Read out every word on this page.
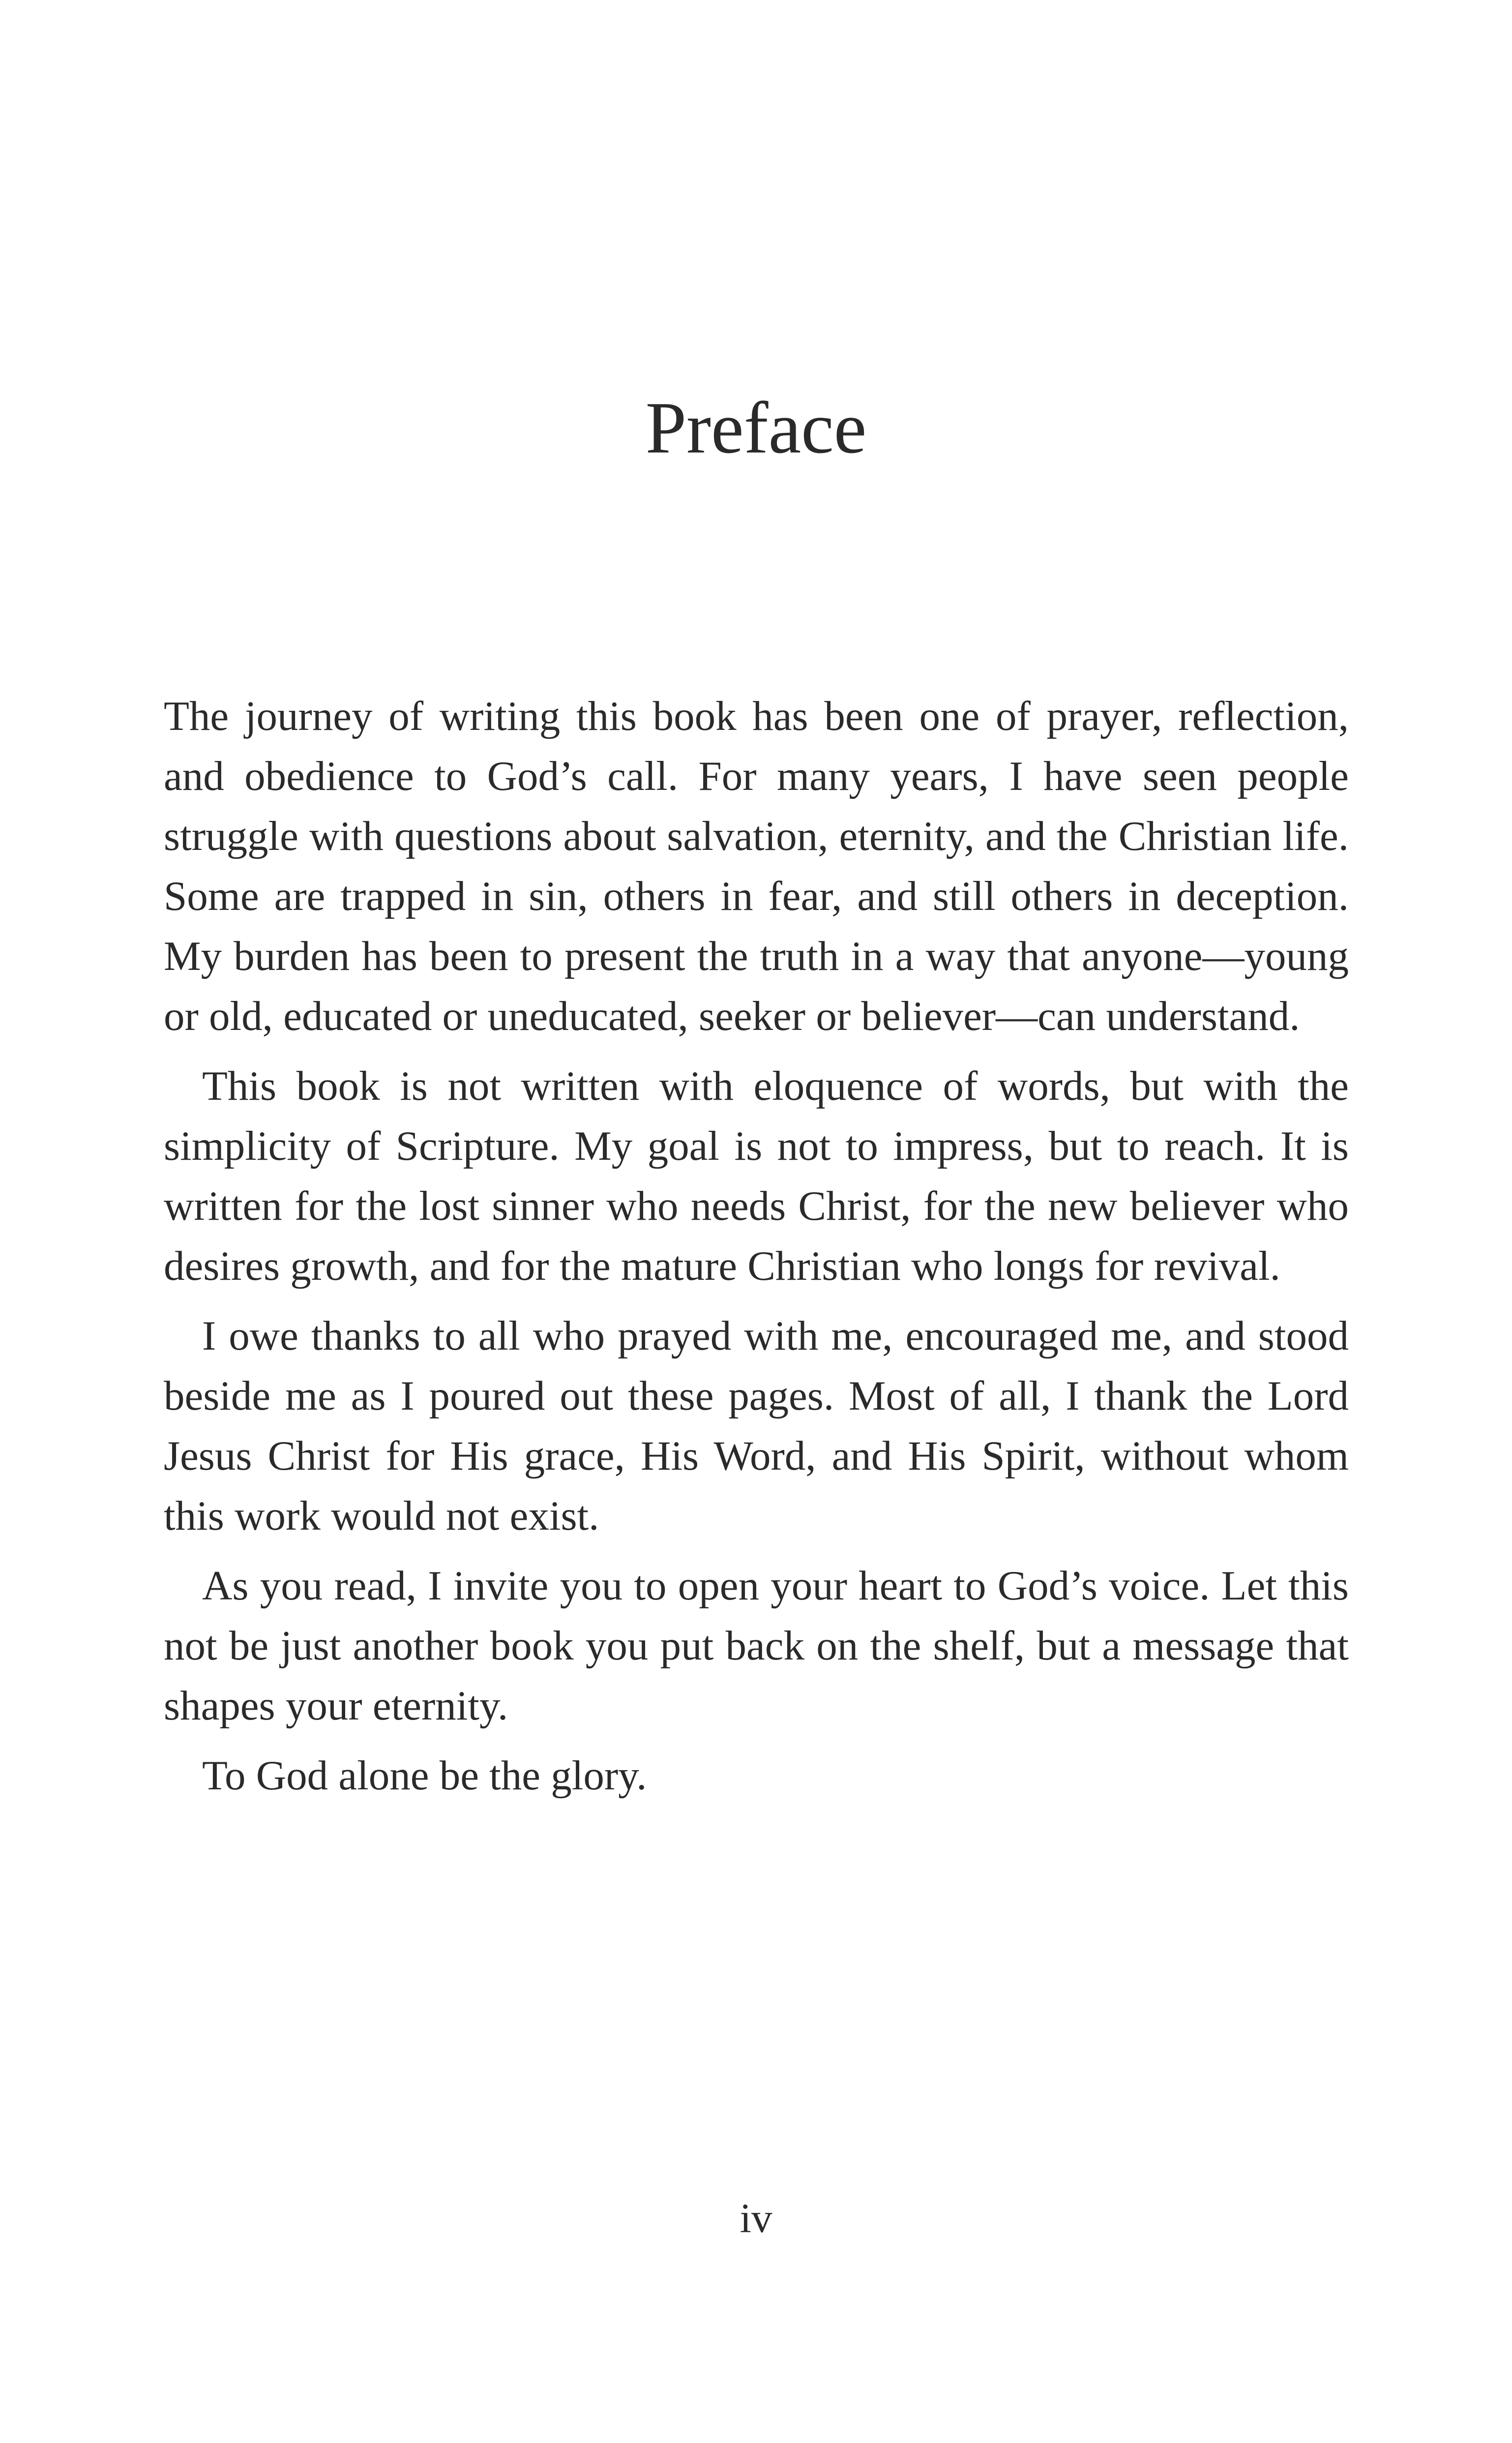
Preface

The journey of writing this book has been one of prayer, reflection, and obedience to God’s call. For many years, I have seen people struggle with questions about salvation, eternity, and the Christian life. Some are trapped in sin, others in fear, and still others in deception. My burden has been to present the truth in a way that anyone—young or old, educated or uneducated, seeker or believer—can understand.

This book is not written with eloquence of words, but with the simplicity of Scripture. My goal is not to impress, but to reach. It is written for the lost sinner who needs Christ, for the new believer who desires growth, and for the mature Christian who longs for revival.

I owe thanks to all who prayed with me, encouraged me, and stood beside me as I poured out these pages. Most of all, I thank the Lord Jesus Christ for His grace, His Word, and His Spirit, without whom this work would not exist.

As you read, I invite you to open your heart to God’s voice. Let this not be just another book you put back on the shelf, but a message that shapes your eternity.

To God alone be the glory.

iv
